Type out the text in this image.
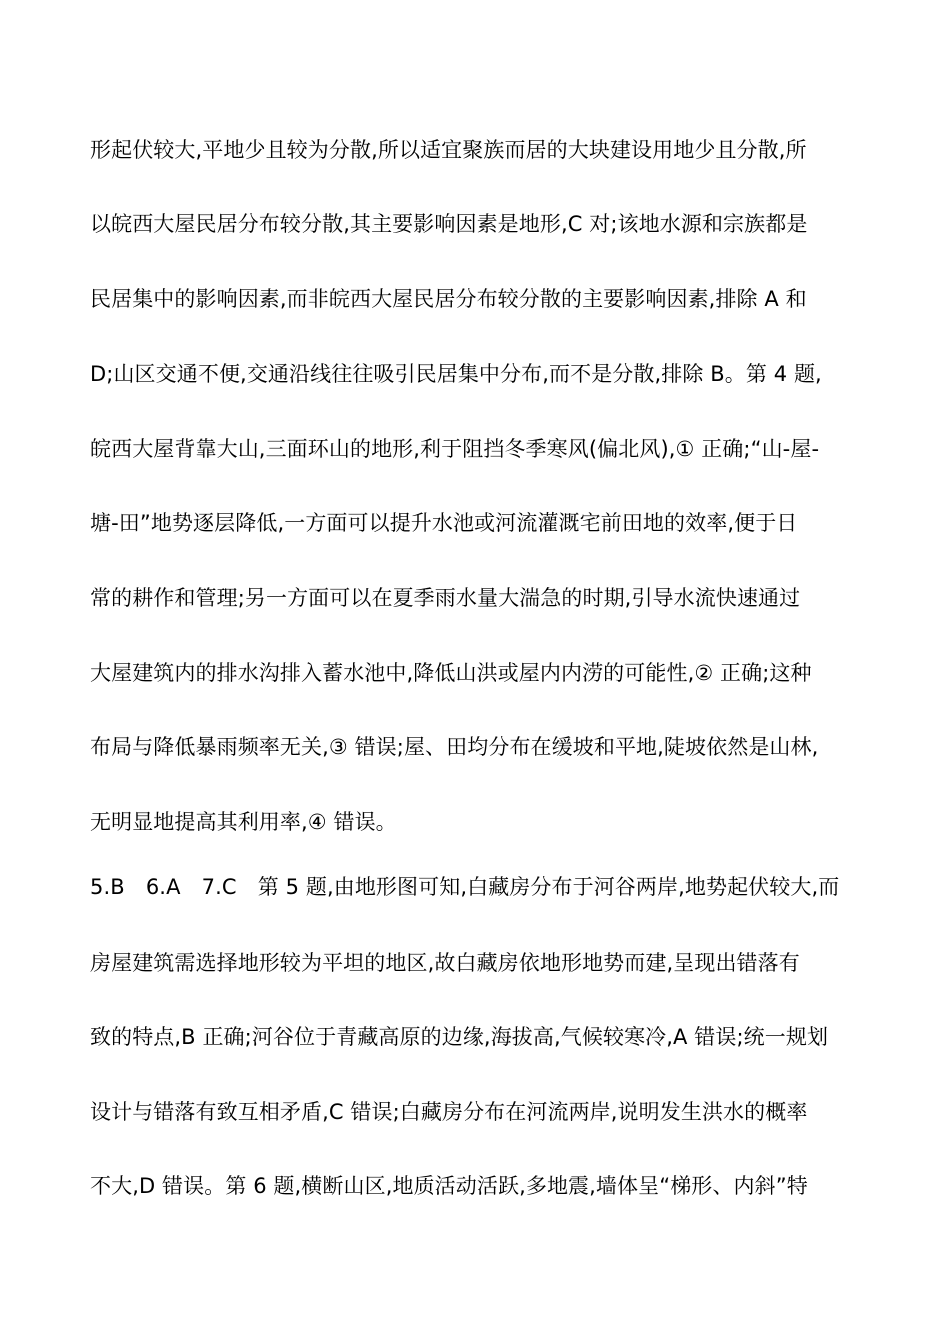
形起伏较大,平地少且较为分散,所以适宜聚族而居的大块建设用地少且分散,所
以皖西大屋民居分布较分散,其主要影响因素是地形,C 对;该地水源和宗族都是
民居集中的影响因素,而非皖西大屋民居分布较分散的主要影响因素,排除 A 和
D;山区交通不便,交通沿线往往吸引民居集中分布,而不是分散,排除 B。第 4 题,
皖西大屋背靠大山,三面环山的地形,利于阻挡冬季寒风(偏北风),① 正确;“山-屋-
塘-田”地势逐层降低,一方面可以提升水池或河流灌溉宅前田地的效率,便于日
常的耕作和管理;另一方面可以在夏季雨水量大湍急的时期,引导水流快速通过
大屋建筑内的排水沟排入蓄水池中,降低山洪或屋内内涝的可能性,② 正确;这种
布局与降低暴雨频率无关,③ 错误;屋、田均分布在缓坡和平地,陡坡依然是山林,
无明显地提高其利用率,④ 错误。
5.B　6.A　7.C　第 5 题,由地形图可知,白藏房分布于河谷两岸,地势起伏较大,而
房屋建筑需选择地形较为平坦的地区,故白藏房依地形地势而建,呈现出错落有
致的特点,B 正确;河谷位于青藏高原的边缘,海拔高,气候较寒冷,A 错误;统一规划
设计与错落有致互相矛盾,C 错误;白藏房分布在河流两岸,说明发生洪水的概率
不大,D 错误。第 6 题,横断山区,地质活动活跃,多地震,墙体呈“梯形、内斜”特
